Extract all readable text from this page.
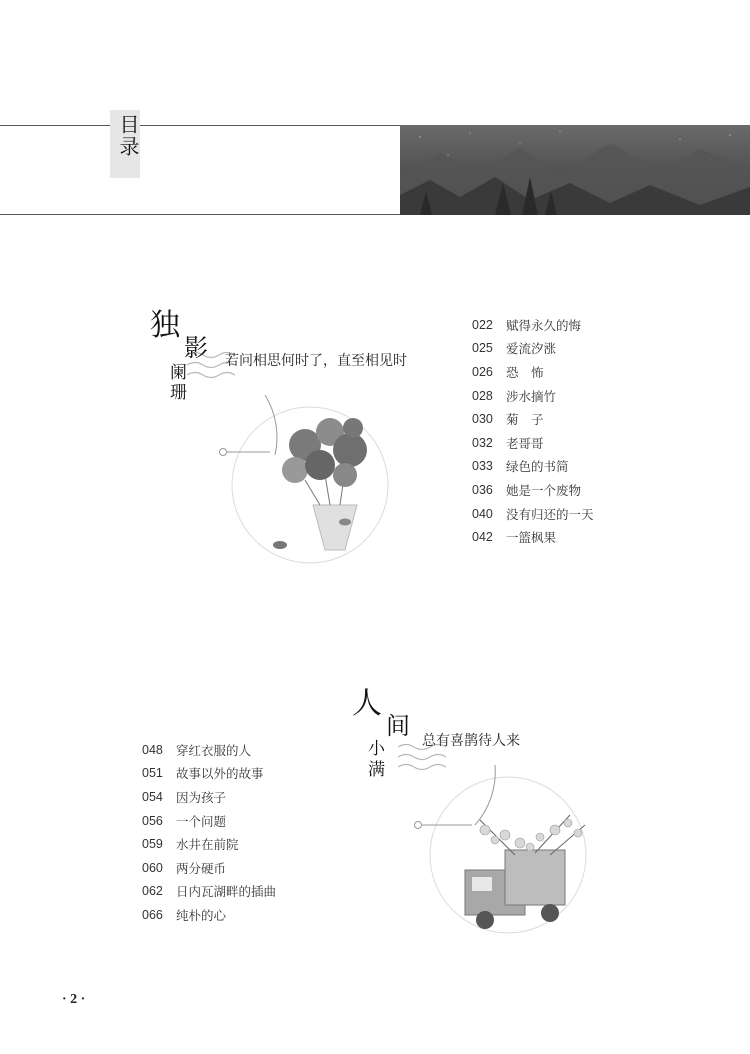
目录
独
影
阑
珊
若问相思何时了，直至相见时
022	赋得永久的悔
025	爱流汐涨
026	恐　怖
028	涉水摘竹
030	菊　子
032	老哥哥
033	绿色的书简
036	她是一个废物
040	没有归还的一天
042	一篮枫果
人
间
小
满
总有喜鹊待人来
048	穿红衣服的人
051	故事以外的故事
054	因为孩子
056	一个问题
059	水井在前院
060	两分硬币
062	日内瓦湖畔的插曲
066	纯朴的心
· 2 ·
